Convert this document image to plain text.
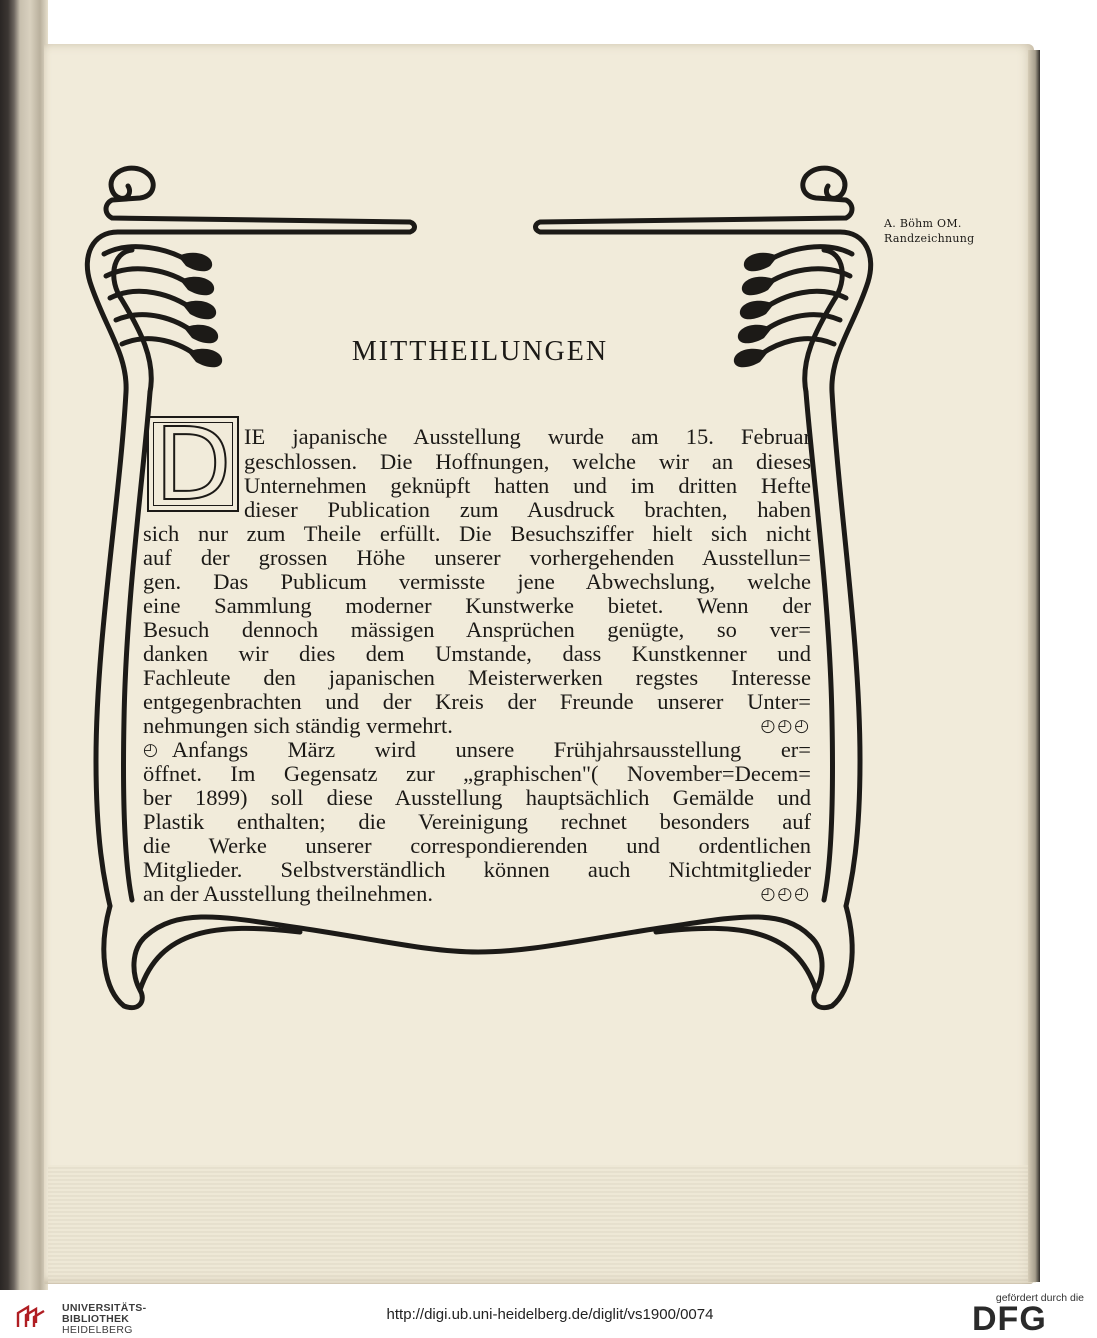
A. Böhm OM.
Randzeichnung
MITTHEILUNGEN
D IE japanische Ausstellung wurde am 15. Februar
geschlossen. Die Hoffnungen, welche wir an dieses
Unternehmen geknüpft hatten und im dritten Hefte
dieser Publication zum Ausdruck brachten, haben
sich nur zum Theile erfüllt. Die Besuchsziffer hielt sich nicht
auf der grossen Höhe unserer vorhergehenden Ausstellun=
gen. Das Publicum vermisste jene Abwechslung, welche
eine Sammlung moderner Kunstwerke bietet. Wenn der
Besuch dennoch mässigen Ansprüchen genügte, so ver=
danken wir dies dem Umstande, dass Kunstkenner und
Fachleute den japanischen Meisterwerken regstes Interesse
entgegenbrachten und der Kreis der Freunde unserer Unter=
nehmungen sich ständig vermehrt.	◴◴◴
◴ Anfangs März wird unsere Frühjahrsausstellung er=
öffnet. Im Gegensatz zur „graphischen"( November=Decem=
ber 1899) soll diese Ausstellung hauptsächlich Gemälde und
Plastik enthalten; die Vereinigung rechnet besonders auf
die Werke unserer correspondierenden und ordentlichen
Mitglieder. Selbstverständlich können auch Nichtmitglieder
an der Ausstellung theilnehmen.	◴◴◴
UNIVERSITÄTS-
BIBLIOTHEK
HEIDELBERG
http://digi.ub.uni-heidelberg.de/diglit/vs1900/0074
gefördert durch die
DFG
